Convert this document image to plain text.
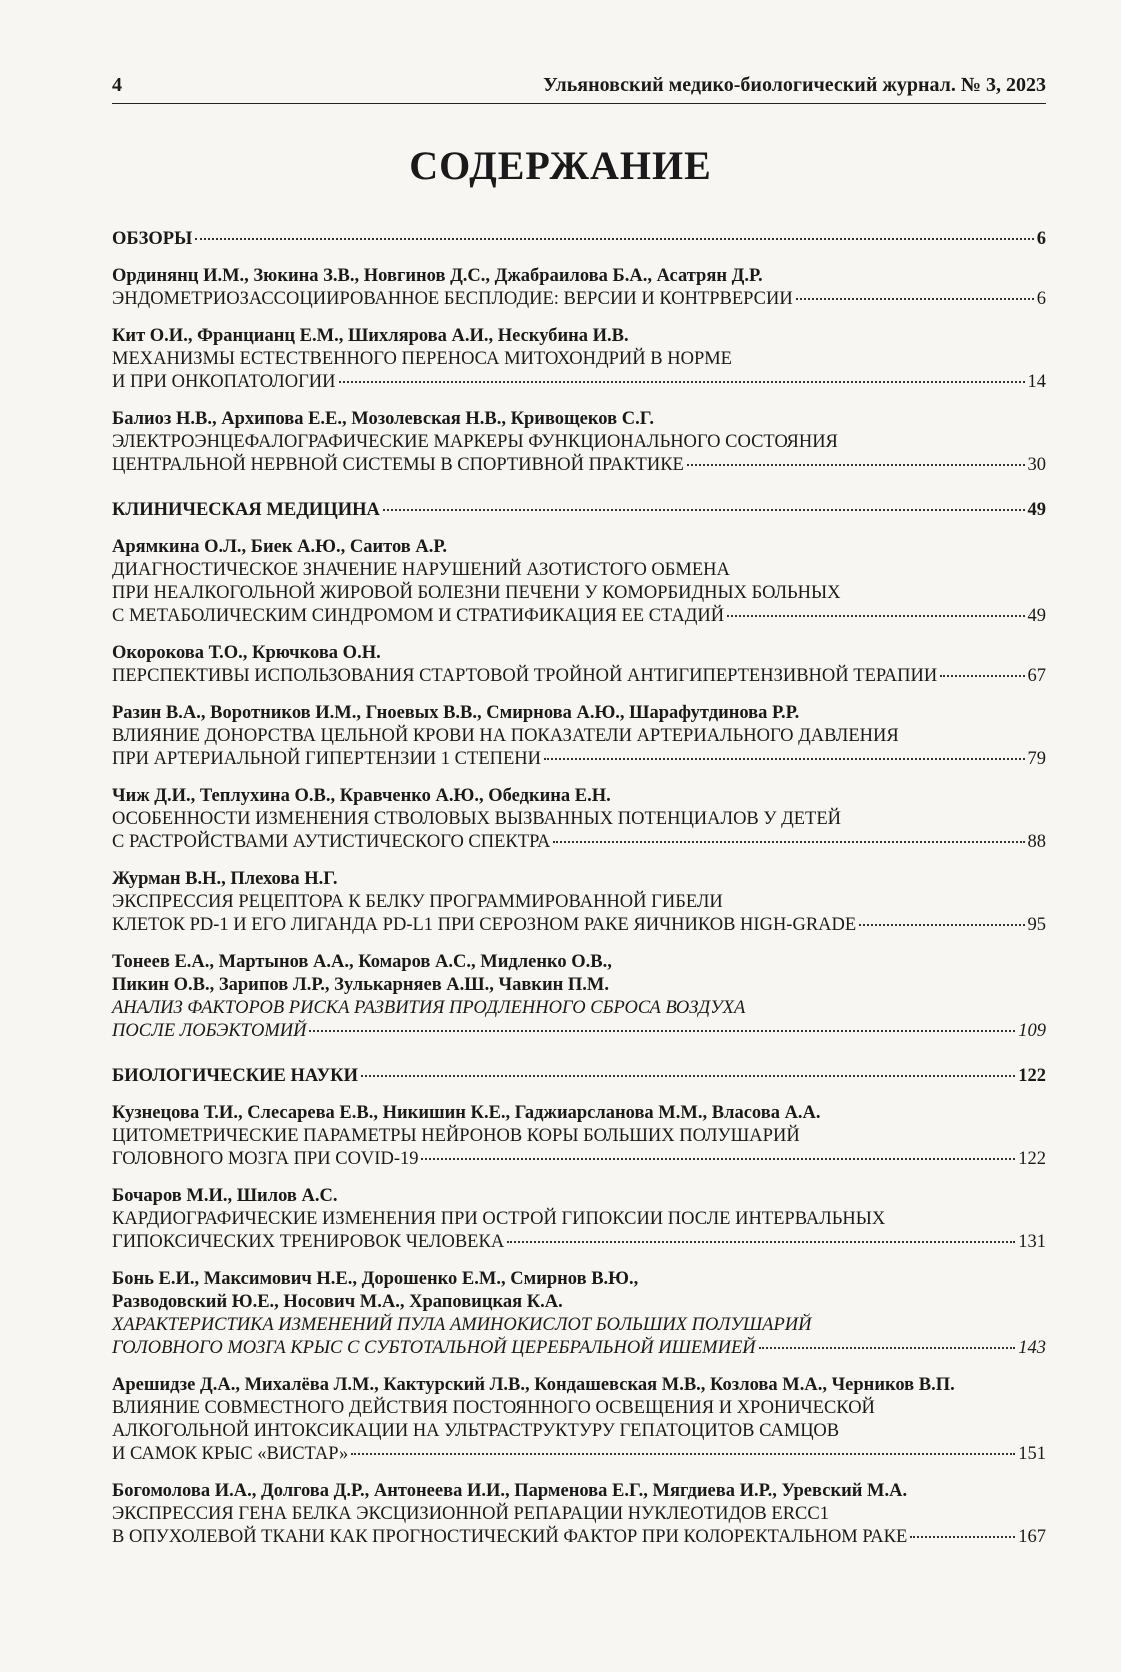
4	Ульяновский медико-биологический журнал. № 3, 2023
СОДЕРЖАНИЕ
ОБЗОРЫ	6
Ординянц И.М., Зюкина З.В., Новгинов Д.С., Джабраилова Б.А., Асатрян Д.Р.
ЭНДОМЕТРИОЗАССОЦИИРОВАННОЕ БЕСПЛОДИЕ: ВЕРСИИ И КОНТРВЕРСИИ	6
Кит О.И., Францианц Е.М., Шихлярова А.И., Нескубина И.В.
МЕХАНИЗМЫ ЕСТЕСТВЕННОГО ПЕРЕНОСА МИТОХОНДРИЙ В НОРМЕ
И ПРИ ОНКОПАТОЛОГИИ	14
Балиоз Н.В., Архипова Е.Е., Мозолевская Н.В., Кривощеков С.Г.
ЭЛЕКТРОЭНЦЕФАЛОГРАФИЧЕСКИЕ МАРКЕРЫ ФУНКЦИОНАЛЬНОГО СОСТОЯНИЯ
ЦЕНТРАЛЬНОЙ НЕРВНОЙ СИСТЕМЫ В СПОРТИВНОЙ ПРАКТИКЕ	30
КЛИНИЧЕСКАЯ МЕДИЦИНА	49
Арямкина О.Л., Биек А.Ю., Саитов А.Р.
ДИАГНОСТИЧЕСКОЕ ЗНАЧЕНИЕ НАРУШЕНИЙ АЗОТИСТОГО ОБМЕНА
ПРИ НЕАЛКОГОЛЬНОЙ ЖИРОВОЙ БОЛЕЗНИ ПЕЧЕНИ У КОМОРБИДНЫХ БОЛЬНЫХ
С МЕТАБОЛИЧЕСКИМ СИНДРОМОМ И СТРАТИФИКАЦИЯ ЕЕ СТАДИЙ	49
Окорокова Т.О., Крючкова О.Н.
ПЕРСПЕКТИВЫ ИСПОЛЬЗОВАНИЯ СТАРТОВОЙ ТРОЙНОЙ АНТИГИПЕРТЕНЗИВНОЙ ТЕРАПИИ	67
Разин В.А., Воротников И.М., Гноевых В.В., Смирнова А.Ю., Шарафутдинова Р.Р.
ВЛИЯНИЕ ДОНОРСТВА ЦЕЛЬНОЙ КРОВИ НА ПОКАЗАТЕЛИ АРТЕРИАЛЬНОГО ДАВЛЕНИЯ
ПРИ АРТЕРИАЛЬНОЙ ГИПЕРТЕНЗИИ 1 СТЕПЕНИ	79
Чиж Д.И., Теплухина О.В., Кравченко А.Ю., Обедкина Е.Н.
ОСОБЕННОСТИ ИЗМЕНЕНИЯ СТВОЛОВЫХ ВЫЗВАННЫХ ПОТЕНЦИАЛОВ У ДЕТЕЙ
С РАСТРОЙСТВАМИ АУТИСТИЧЕСКОГО СПЕКТРА	88
Журман В.Н., Плехова Н.Г.
ЭКСПРЕССИЯ РЕЦЕПТОРА К БЕЛКУ ПРОГРАММИРОВАННОЙ ГИБЕЛИ
КЛЕТОК PD-1 И ЕГО ЛИГАНДА PD-L1 ПРИ СЕРОЗНОМ РАКЕ ЯИЧНИКОВ HIGH-GRADE	95
Тонеев Е.А., Мартынов А.А., Комаров А.С., Мидленко О.В.,
Пикин О.В., Зарипов Л.Р., Зулькарняев А.Ш., Чавкин П.М.
АНАЛИЗ ФАКТОРОВ РИСКА РАЗВИТИЯ ПРОДЛЕННОГО СБРОСА ВОЗДУХА
ПОСЛЕ ЛОБЭКТОМИЙ	109
БИОЛОГИЧЕСКИЕ НАУКИ	122
Кузнецова Т.И., Слесарева Е.В., Никишин К.Е., Гаджиарсланова М.М., Власова А.А.
ЦИТОМЕТРИЧЕСКИЕ ПАРАМЕТРЫ НЕЙРОНОВ КОРЫ БОЛЬШИХ ПОЛУШАРИЙ
ГОЛОВНОГО МОЗГА ПРИ COVID-19	122
Бочаров М.И., Шилов А.С.
КАРДИОГРАФИЧЕСКИЕ ИЗМЕНЕНИЯ ПРИ ОСТРОЙ ГИПОКСИИ ПОСЛЕ ИНТЕРВАЛЬНЫХ
ГИПОКСИЧЕСКИХ ТРЕНИРОВОК ЧЕЛОВЕКА	131
Бонь Е.И., Максимович Н.Е., Дорошенко Е.М., Смирнов В.Ю.,
Разводовский Ю.Е., Носович М.А., Храповицкая К.А.
ХАРАКТЕРИСТИКА ИЗМЕНЕНИЙ ПУЛА АМИНОКИСЛОТ БОЛЬШИХ ПОЛУШАРИЙ
ГОЛОВНОГО МОЗГА КРЫС С СУБТОТАЛЬНОЙ ЦЕРЕБРАЛЬНОЙ ИШЕМИЕЙ	143
Арешидзе Д.А., Михалёва Л.М., Кактурский Л.В., Кондашевская М.В., Козлова М.А., Черников В.П.
ВЛИЯНИЕ СОВМЕСТНОГО ДЕЙСТВИЯ ПОСТОЯННОГО ОСВЕЩЕНИЯ И ХРОНИЧЕСКОЙ
АЛКОГОЛЬНОЙ ИНТОКСИКАЦИИ НА УЛЬТРАСТРУКТУРУ ГЕПАТОЦИТОВ САМЦОВ
И САМОК КРЫС «ВИСТАР»	151
Богомолова И.А., Долгова Д.Р., Антонеева И.И., Парменова Е.Г., Мягдиева И.Р., Уревский М.А.
ЭКСПРЕССИЯ ГЕНА БЕЛКА ЭКСЦИЗИОННОЙ РЕПАРАЦИИ НУКЛЕОТИДОВ ERCC1
В ОПУХОЛЕВОЙ ТКАНИ КАК ПРОГНОСТИЧЕСКИЙ ФАКТОР ПРИ КОЛОРЕКТАЛЬНОМ РАКЕ	167
